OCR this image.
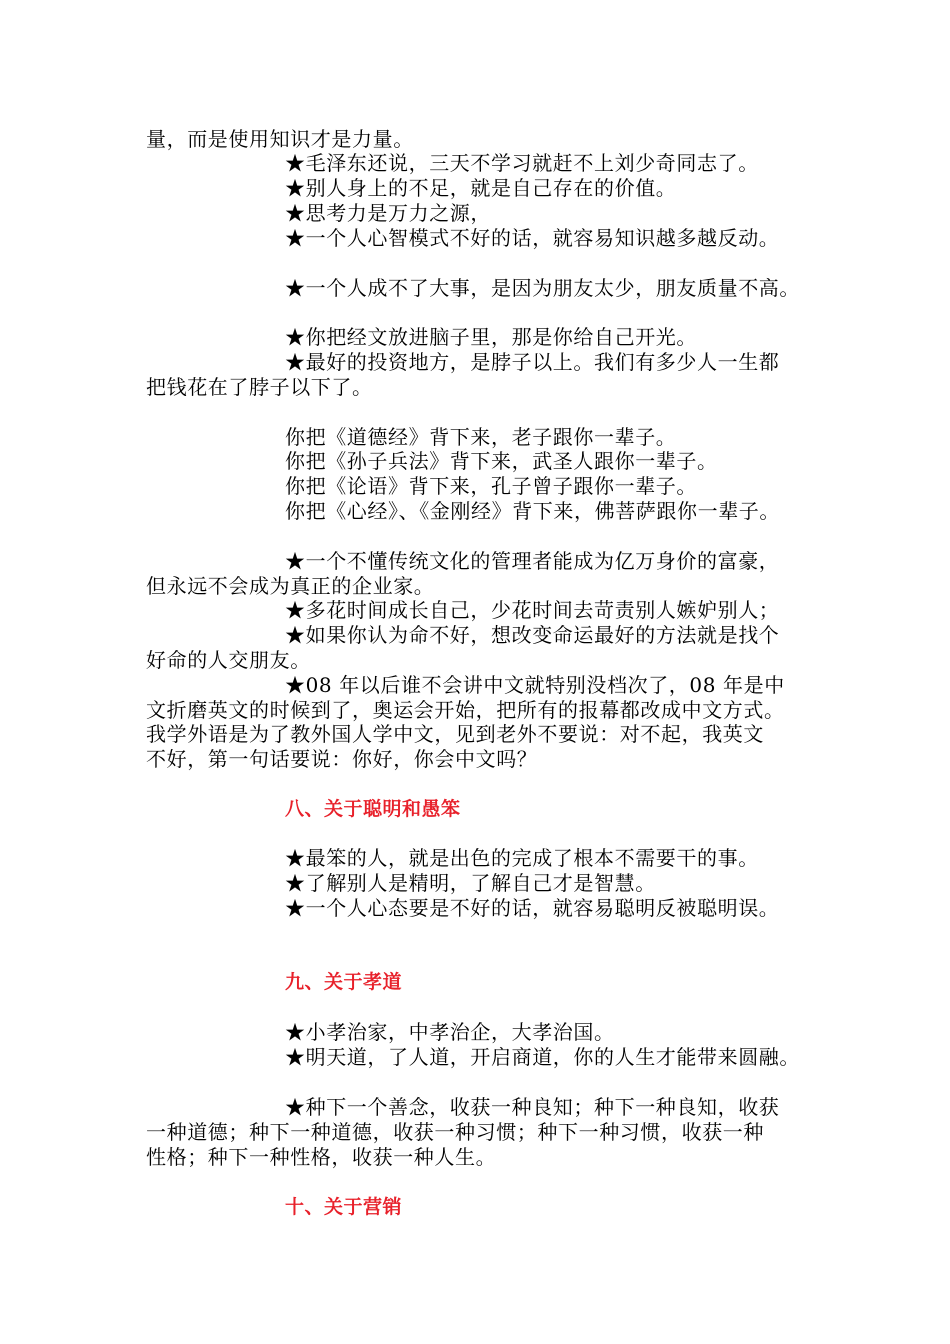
量，而是使用知识才是力量。
★毛泽东还说，三天不学习就赶不上刘少奇同志了。
★别人身上的不足，就是自己存在的价值。
★思考力是万力之源，
★一个人心智模式不好的话，就容易知识越多越反动。
★一个人成不了大事，是因为朋友太少，朋友质量不高。
★你把经文放进脑子里，那是你给自己开光。
★最好的投资地方，是脖子以上。我们有多少人一生都
把钱花在了脖子以下了。
你把《道德经》背下来，老子跟你一辈子。
你把《孙子兵法》背下来，武圣人跟你一辈子。
你把《论语》背下来，孔子曾子跟你一辈子。
你把《心经》、《金刚经》背下来，佛菩萨跟你一辈子。
★一个不懂传统文化的管理者能成为亿万身价的富豪，
但永远不会成为真正的企业家。
★多花时间成长自己，少花时间去苛责别人嫉妒别人；
★如果你认为命不好，想改变命运最好的方法就是找个
好命的人交朋友。
★08 年以后谁不会讲中文就特别没档次了，08 年是中
文折磨英文的时候到了，奥运会开始，把所有的报幕都改成中文方式。
我学外语是为了教外国人学中文，见到老外不要说：对不起，我英文
不好，第一句话要说：你好，你会中文吗？
八、关于聪明和愚笨
★最笨的人，就是出色的完成了根本不需要干的事。
★了解别人是精明，了解自己才是智慧。
★一个人心态要是不好的话，就容易聪明反被聪明误。
九、关于孝道
★小孝治家，中孝治企，大孝治国。
★明天道，了人道，开启商道，你的人生才能带来圆融。
★种下一个善念，收获一种良知；种下一种良知，收获
一种道德；种下一种道德，收获一种习惯；种下一种习惯，收获一种
性格；种下一种性格，收获一种人生。
十、关于营销
